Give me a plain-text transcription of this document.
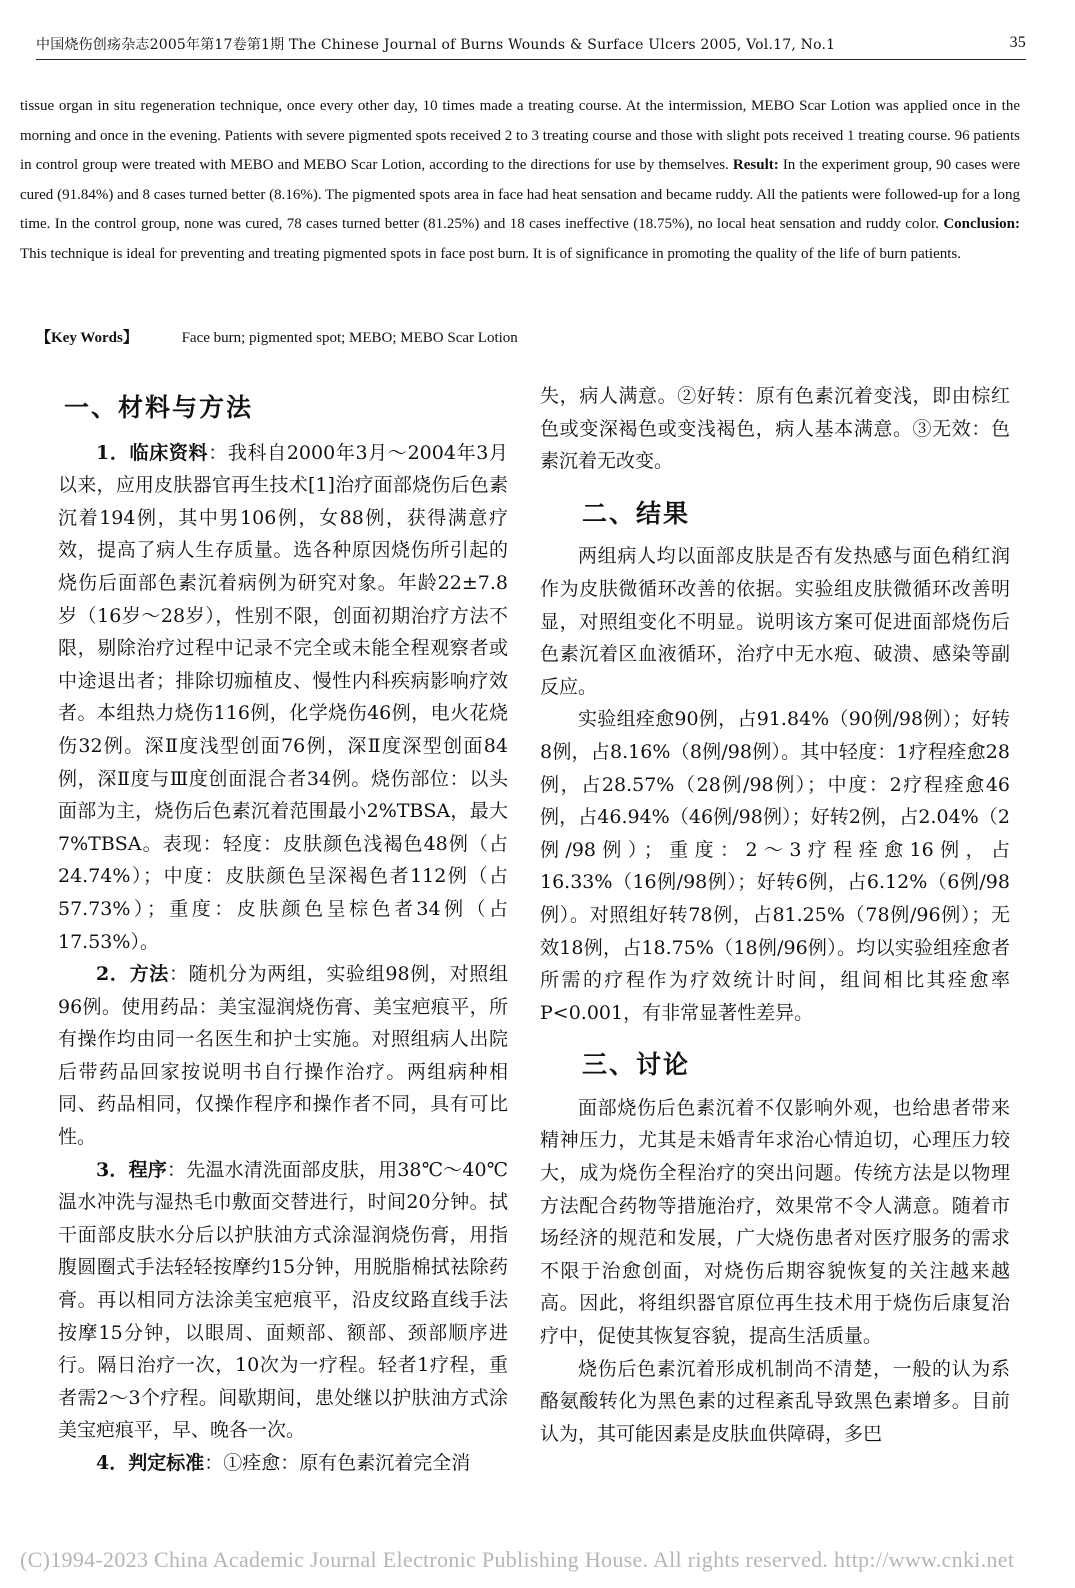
中国烧伤创疡杂志2005年第17卷第1期 The Chinese Journal of Burns Wounds & Surface Ulcers 2005, Vol.17, No.1	35
tissue organ in situ regeneration technique, once every other day, 10 times made a treating course. At the intermission, MEBO Scar Lotion was applied once in the morning and once in the evening. Patients with severe pigmented spots received 2 to 3 treating course and those with slight pots received 1 treating course. 96 patients in control group were treated with MEBO and MEBO Scar Lotion, according to the directions for use by themselves. Result: In the experiment group, 90 cases were cured (91.84%) and 8 cases turned better (8.16%). The pigmented spots area in face had heat sensation and became ruddy. All the patients were followed-up for a long time. In the control group, none was cured, 78 cases turned better (81.25%) and 18 cases ineffective (18.75%), no local heat sensation and ruddy color. Conclusion: This technique is ideal for preventing and treating pigmented spots in face post burn. It is of significance in promoting the quality of the life of burn patients.
【Key Words】	Face burn; pigmented spot; MEBO; MEBO Scar Lotion
一、材料与方法

1．临床资料：我科自2000年3月～2004年3月以来，应用皮肤器官再生技术[1]治疗面部烧伤后色素沉着194例，其中男106例，女88例，获得满意疗效，提高了病人生存质量。选各种原因烧伤所引起的烧伤后面部色素沉着病例为研究对象。年龄22±7.8岁（16岁～28岁），性别不限，创面初期治疗方法不限，剔除治疗过程中记录不完全或未能全程观察者或中途退出者；排除切痂植皮、慢性内科疾病影响疗效者。本组热力烧伤116例，化学烧伤46例，电火花烧伤32例。深Ⅱ度浅型创面76例，深Ⅱ度深型创面84例，深Ⅱ度与Ⅲ度创面混合者34例。烧伤部位：以头面部为主，烧伤后色素沉着范围最小2%TBSA，最大7%TBSA。表现：轻度：皮肤颜色浅褐色48例（占24.74%）；中度：皮肤颜色呈深褐色者112例（占57.73%）；重度：皮肤颜色呈棕色者34例（占17.53%）。

2．方法：随机分为两组，实验组98例，对照组96例。使用药品：美宝湿润烧伤膏、美宝疤痕平，所有操作均由同一名医生和护士实施。对照组病人出院后带药品回家按说明书自行操作治疗。两组病种相同、药品相同，仅操作程序和操作者不同，具有可比性。

3．程序：先温水清洗面部皮肤，用38℃～40℃温水冲洗与湿热毛巾敷面交替进行，时间20分钟。拭干面部皮肤水分后以护肤油方式涂湿润烧伤膏，用指腹圆圈式手法轻轻按摩约15分钟，用脱脂棉拭祛除药膏。再以相同方法涂美宝疤痕平，沿皮纹路直线手法按摩15分钟，以眼周、面颊部、额部、颈部顺序进行。隔日治疗一次，10次为一疗程。轻者1疗程，重者需2～3个疗程。间歇期间，患处继以护肤油方式涂美宝疤痕平，早、晚各一次。

4．判定标准：①痊愈：原有色素沉着完全消

失，病人满意。②好转：原有色素沉着变浅，即由棕红色或变深褐色或变浅褐色，病人基本满意。③无效：色素沉着无改变。

二、结果

两组病人均以面部皮肤是否有发热感与面色稍红润作为皮肤微循环改善的依据。实验组皮肤微循环改善明显，对照组变化不明显。说明该方案可促进面部烧伤后色素沉着区血液循环，治疗中无水疱、破溃、感染等副反应。

实验组痊愈90例，占91.84%（90例/98例）；好转8例，占8.16%（8例/98例）。其中轻度：1疗程痊愈28例，占28.57%（28例/98例）；中度：2疗程痊愈46例，占46.94%（46例/98例）；好转2例，占2.04%（2例/98例）；重度：2～3疗程痊愈16例，占16.33%（16例/98例）；好转6例，占6.12%（6例/98例）。对照组好转78例，占81.25%（78例/96例）；无效18例，占18.75%（18例/96例）。均以实验组痊愈者所需的疗程作为疗效统计时间，组间相比其痊愈率P<0.001，有非常显著性差异。

三、讨论

面部烧伤后色素沉着不仅影响外观，也给患者带来精神压力，尤其是未婚青年求治心情迫切，心理压力较大，成为烧伤全程治疗的突出问题。传统方法是以物理方法配合药物等措施治疗，效果常不令人满意。随着市场经济的规范和发展，广大烧伤患者对医疗服务的需求不限于治愈创面，对烧伤后期容貌恢复的关注越来越高。因此，将组织器官原位再生技术用于烧伤后康复治疗中，促使其恢复容貌，提高生活质量。

烧伤后色素沉着形成机制尚不清楚，一般的认为系酪氨酸转化为黑色素的过程紊乱导致黑色素增多。目前认为，其可能因素是皮肤血供障碍，多巴

(C)1994-2023 China Academic Journal Electronic Publishing House. All rights reserved. http://www.cnki.net
